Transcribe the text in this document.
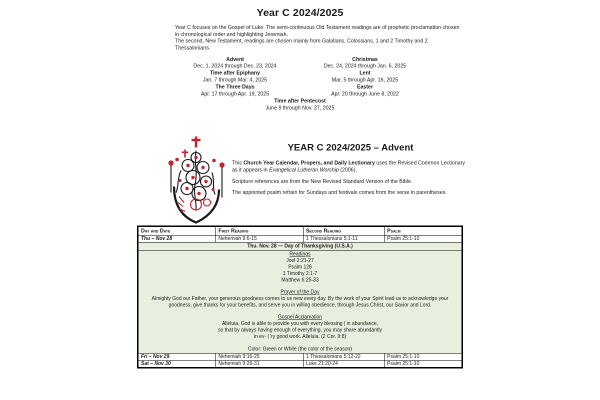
Year C 2024/2025
Year C focuses on the Gospel of Luke. The semi-continuous Old Testament readings are of prophetic proclamation chosen in chronological order and highlighting Jeremiah.
The second, New Testament, readings are chosen mainly from Galatians, Colossians, 1 and 2 Timothy and 2 Thessalonians.
Advent
Dec. 1, 2024 through Dec. 23, 2024
Christmas
Dec. 24, 2024 through Jan. 6, 2025
Time after Epiphany
Jan. 7 through Mar. 4, 2025
Lent
Mar. 5 through Apr. 16, 2025
The Three Days
Apr. 17 through Apr. 19, 2025
Easter
Apr. 20 through June 8, 2022
Time after Pentecost
June 9 through Nov. 27, 2025
YEAR C 2024/2025 – Advent

This Church Year Calendar, Propers, and Daily Lectionary uses the Revised Common Lectionary as it appears in Evangelical Lutheran Worship (2006).

Scripture references are from the New Revised Standard Version of the Bible.

The appointed psalm refrain for Sundays and festivals comes from the verse in parentheses.

Day and Date	First Reading	Second Reading	Psalm
Thu – Nov 28	Nehemiah 9:6-15	1 Thessalonians 5:1-11	Psalm 25:1-10
Thu. Nov. 28 — Day of Thanksgiving (U.S.A.)			

Readings
Joel 2:21-27
Psalm 126
1 Timothy 2:1-7
Matthew 6:25-33
Prayer of the Day
Almighty God our Father, your generous goodness comes to us new every day. By the work of your Spirit lead us to acknowledge your goodness, give thanks for your benefits, and serve you in willing obedience, through Jesus Christ, our Savior and Lord.
Gospel Acclamation
Alleluia. God is able to provide you with every blessing | in abundance,
so that by always having enough of everything, you may share abundantly
in ev- | 'ry good work. Alleluia. (2 Cor. 9:8)
Color: Green or White (the color of the season)

Fri – Nov 29	Nehemiah 9:16-25	1 Thessalonians 5:12-22	Psalm 25:1-10
Sat – Nov 30	Nehemiah 9:26-31	Luke 21:20-24	Psalm 25:1-10
